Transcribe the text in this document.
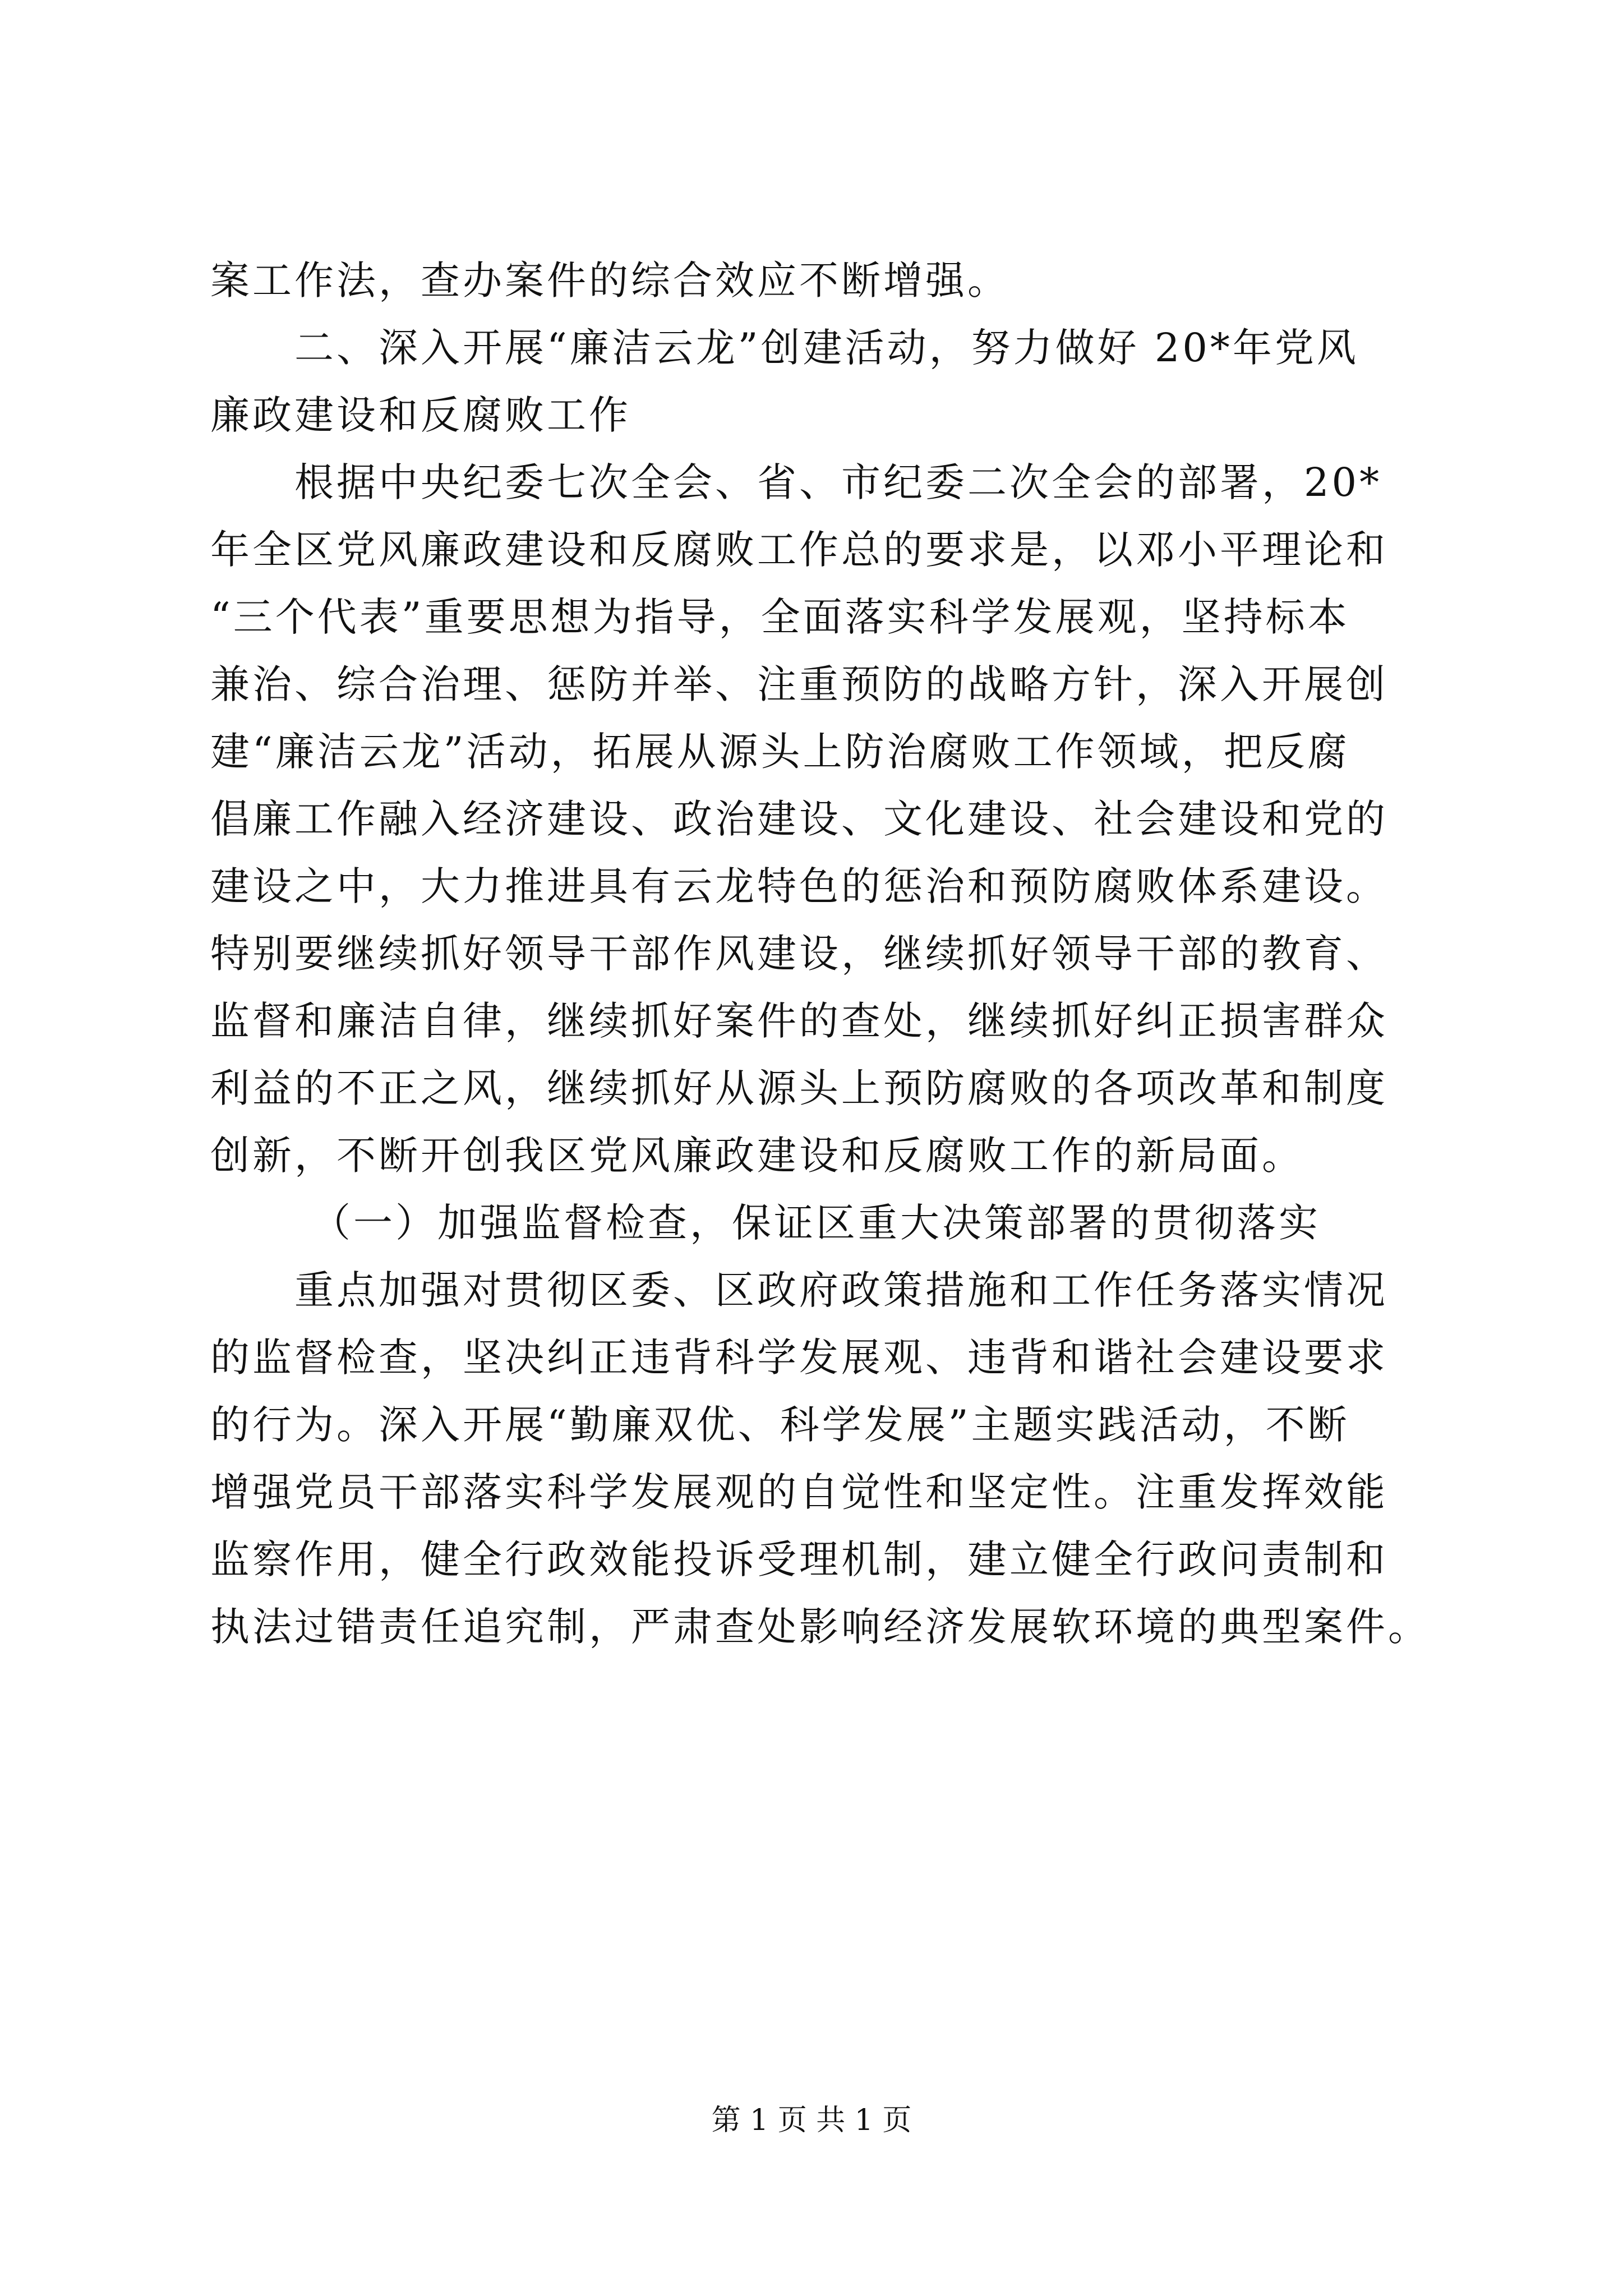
案工作法，查办案件的综合效应不断增强。
二、深入开展“廉洁云龙”创建活动，努力做好 20*年党风
廉政建设和反腐败工作
根据中央纪委七次全会、省、市纪委二次全会的部署，20*
年全区党风廉政建设和反腐败工作总的要求是，以邓小平理论和
“三个代表”重要思想为指导，全面落实科学发展观，坚持标本
兼治、综合治理、惩防并举、注重预防的战略方针，深入开展创
建“廉洁云龙”活动，拓展从源头上防治腐败工作领域，把反腐
倡廉工作融入经济建设、政治建设、文化建设、社会建设和党的
建设之中，大力推进具有云龙特色的惩治和预防腐败体系建设。
特别要继续抓好领导干部作风建设，继续抓好领导干部的教育、
监督和廉洁自律，继续抓好案件的查处，继续抓好纠正损害群众
利益的不正之风，继续抓好从源头上预防腐败的各项改革和制度
创新，不断开创我区党风廉政建设和反腐败工作的新局面。
（一）加强监督检查，保证区重大决策部署的贯彻落实
重点加强对贯彻区委、区政府政策措施和工作任务落实情况
的监督检查，坚决纠正违背科学发展观、违背和谐社会建设要求
的行为。深入开展“勤廉双优、科学发展”主题实践活动，不断
增强党员干部落实科学发展观的自觉性和坚定性。注重发挥效能
监察作用，健全行政效能投诉受理机制，建立健全行政问责制和
执法过错责任追究制，严肃查处影响经济发展软环境的典型案件。
第 1 页 共 1 页
